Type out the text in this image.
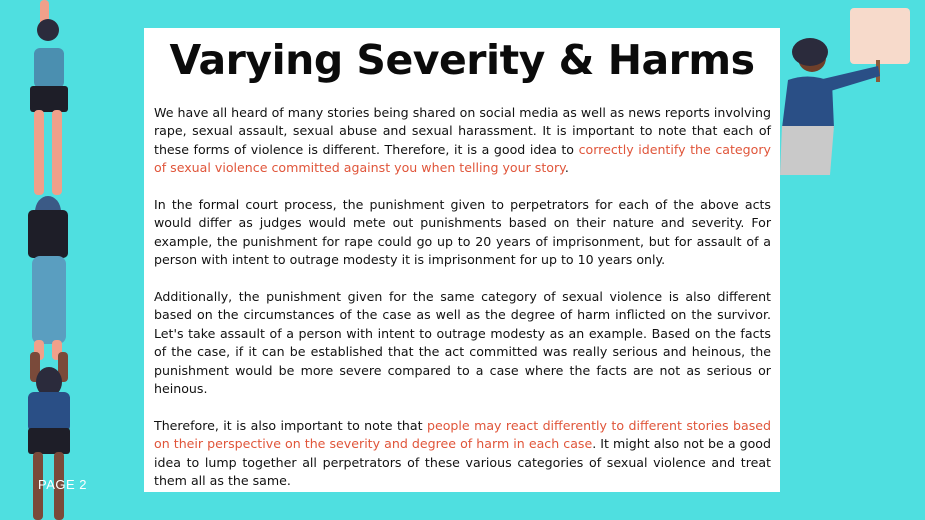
Varying Severity & Harms

We have all heard of many stories being shared on social media as well as news reports involving rape, sexual assault, sexual abuse and sexual harassment. It is important to note that each of these forms of violence is different. Therefore, it is a good idea to correctly identify the category of sexual violence committed against you when telling your story.

In the formal court process, the punishment given to perpetrators for each of the above acts would differ as judges would mete out punishments based on their nature and severity. For example, the punishment for rape could go up to 20 years of imprisonment, but for assault of a person with intent to outrage modesty it is imprisonment for up to 10 years only.

Additionally, the punishment given for the same category of sexual violence is also different based on the circumstances of the case as well as the degree of harm inflicted on the survivor. Let's take assault of a person with intent to outrage modesty as an example. Based on the facts of the case, if it can be established that the act committed was really serious and heinous, the punishment would be more severe compared to a case where the facts are not as serious or heinous.

Therefore, it is also important to note that people may react differently to different stories based on their perspective on the severity and degree of harm in each case. It might also not be a good idea to lump together all perpetrators of these various categories of sexual violence and treat them all as the same.

PAGE 2
